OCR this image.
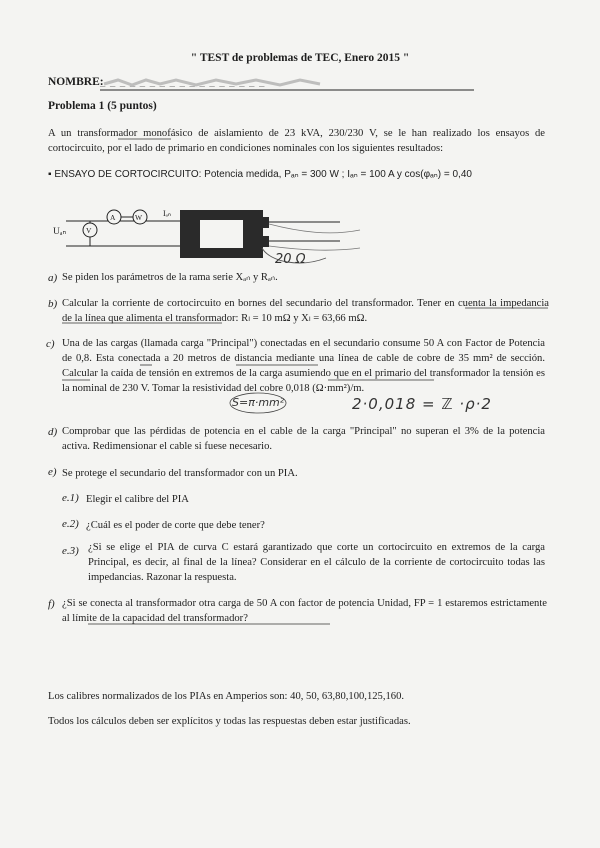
" TEST de problemas de TEC, Enero 2015 "
NOMBRE:
_ _ _ _ _ _ _ _ _ _ _ _ _ _ _ _ _
Problema 1 (5 puntos)
A un transformador monofásico de aislamiento de 23 kVA, 230/230 V, se le han realizado los ensayos de cortocircuito, por el lado de primario en condiciones nominales con los siguientes resultados:
▪ ENSAYO DE CORTOCIRCUITO: Potencia medida, Pₐₙ = 300 W ; Iₐₙ = 100 A y cos(φₐₙ) = 0,40
Uₐₙ	V
A	W	Iₐₙ
20 Ω
a) Se piden los parámetros de la rama serie Xₐₙ y Rₐₙ.
b) Calcular la corriente de cortocircuito en bornes del secundario del transformador. Tener en cuenta la impedancia de la línea que alimenta el transformador: Rₗ = 10 mΩ y Xₗ = 63,66 mΩ.
c) Una de las cargas (llamada carga "Principal") conectadas en el secundario consume 50 A con Factor de Potencia de 0,8. Esta conectada a 20 metros de distancia mediante una línea de cable de cobre de 35 mm² de sección. Calcular la caída de tensión en extremos de la carga asumiendo que en el primario del transformador la tensión es la nominal de 230 V. Tomar la resistividad del cobre 0,018 (Ω·mm²)/m.
S=π·mm²	2·0,018 = ℤ ·ρ·2
d) Comprobar que las pérdidas de potencia en el cable de la carga "Principal" no superan el 3% de la potencia activa. Redimensionar el cable si fuese necesario.
e) Se protege el secundario del transformador con un PIA.
e.1) Elegir el calibre del PIA
e.2) ¿Cuál es el poder de corte que debe tener?
e.3) ¿Si se elige el PIA de curva C estará garantizado que corte un cortocircuito en extremos de la carga Principal, es decir, al final de la línea? Considerar en el cálculo de la corriente de cortocircuito todas las impedancias. Razonar la respuesta.
f) ¿Si se conecta al transformador otra carga de 50 A con factor de potencia Unidad, FP = 1 estaremos estrictamente al límite de la capacidad del transformador?
Los calibres normalizados de los PIAs en Amperios son: 40, 50, 63,80,100,125,160.
Todos los cálculos deben ser explícitos y todas las respuestas deben estar justificadas.
